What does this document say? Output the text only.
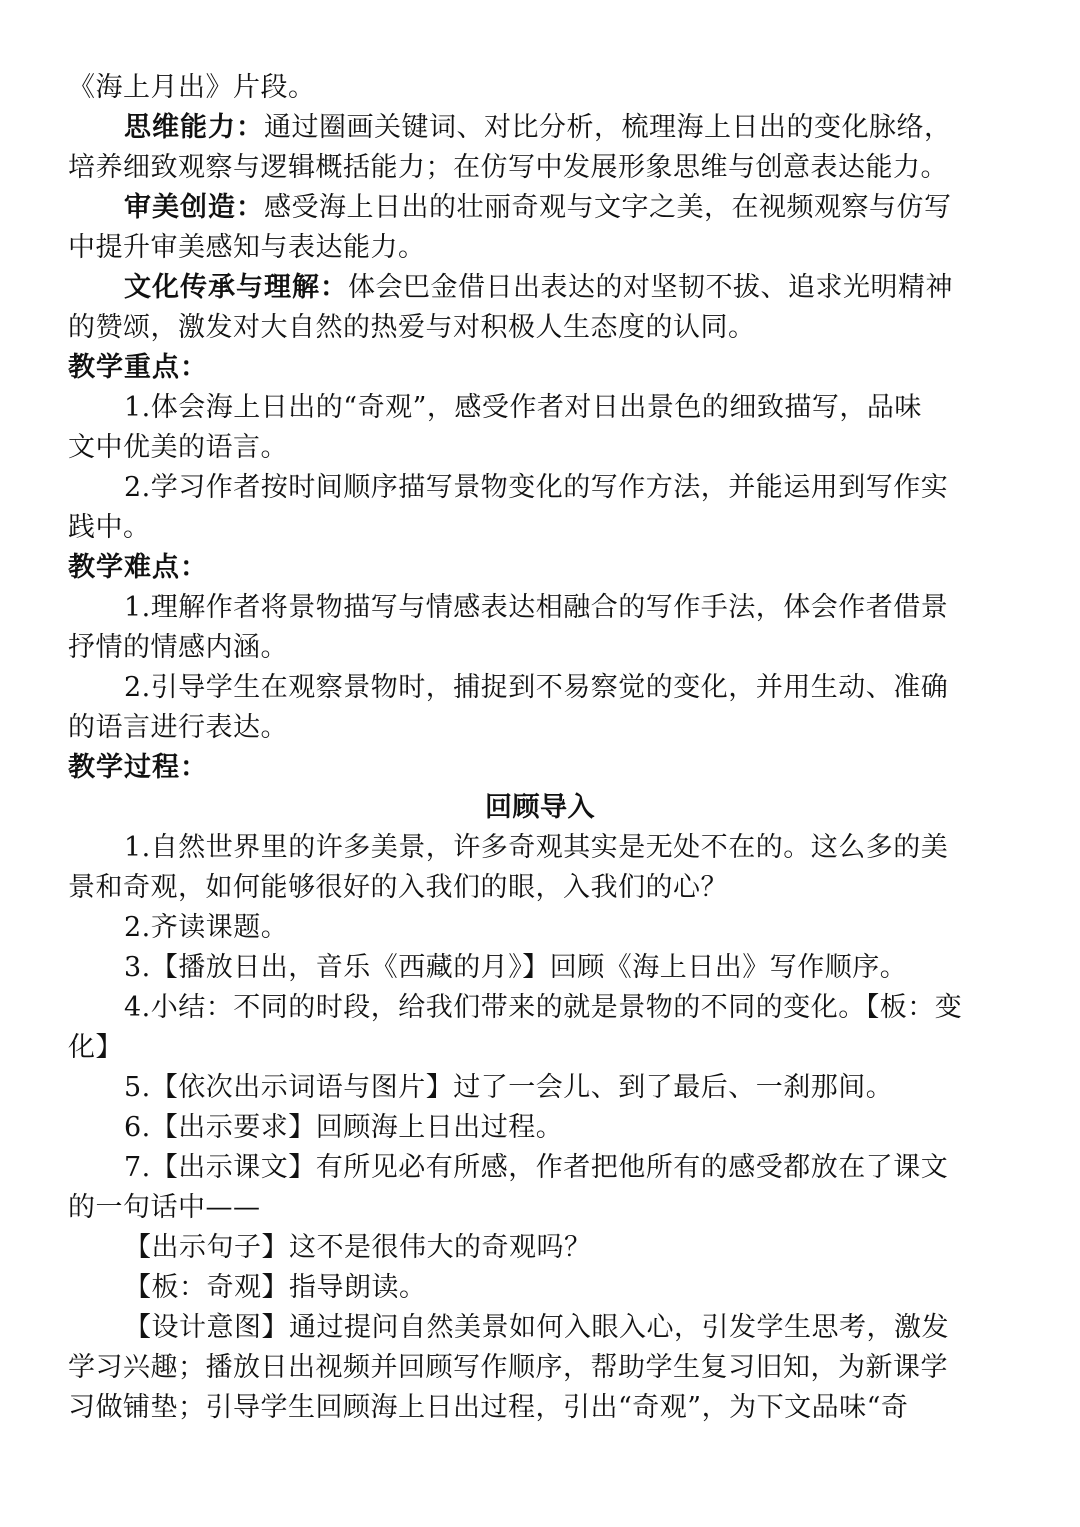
《海上月出》片段。
思维能力：通过圈画关键词、对比分析，梳理海上日出的变化脉络，
培养细致观察与逻辑概括能力；在仿写中发展形象思维与创意表达能力。
审美创造：感受海上日出的壮丽奇观与文字之美，在视频观察与仿写
中提升审美感知与表达能力。
文化传承与理解：体会巴金借日出表达的对坚韧不拔、追求光明精神
的赞颂，激发对大自然的热爱与对积极人生态度的认同。
教学重点：
1.体会海上日出的“奇观”，感受作者对日出景色的细致描写，品味
文中优美的语言。
2.学习作者按时间顺序描写景物变化的写作方法，并能运用到写作实
践中。
教学难点：
1.理解作者将景物描写与情感表达相融合的写作手法，体会作者借景
抒情的情感内涵。
2.引导学生在观察景物时，捕捉到不易察觉的变化，并用生动、准确
的语言进行表达。
教学过程：
回顾导入
1.自然世界里的许多美景，许多奇观其实是无处不在的。这么多的美
景和奇观，如何能够很好的入我们的眼，入我们的心？
2.齐读课题。
3.【播放日出，音乐《西藏的月》】回顾《海上日出》写作顺序。
4.小结：不同的时段，给我们带来的就是景物的不同的变化。【板：变
化】
5.【依次出示词语与图片】过了一会儿、到了最后、一刹那间。
6.【出示要求】回顾海上日出过程。
7.【出示课文】有所见必有所感，作者把他所有的感受都放在了课文
的一句话中——
【出示句子】这不是很伟大的奇观吗？
【板：奇观】指导朗读。
【设计意图】通过提问自然美景如何入眼入心，引发学生思考，激发
学习兴趣；播放日出视频并回顾写作顺序，帮助学生复习旧知，为新课学
习做铺垫；引导学生回顾海上日出过程，引出“奇观”，为下文品味“奇
